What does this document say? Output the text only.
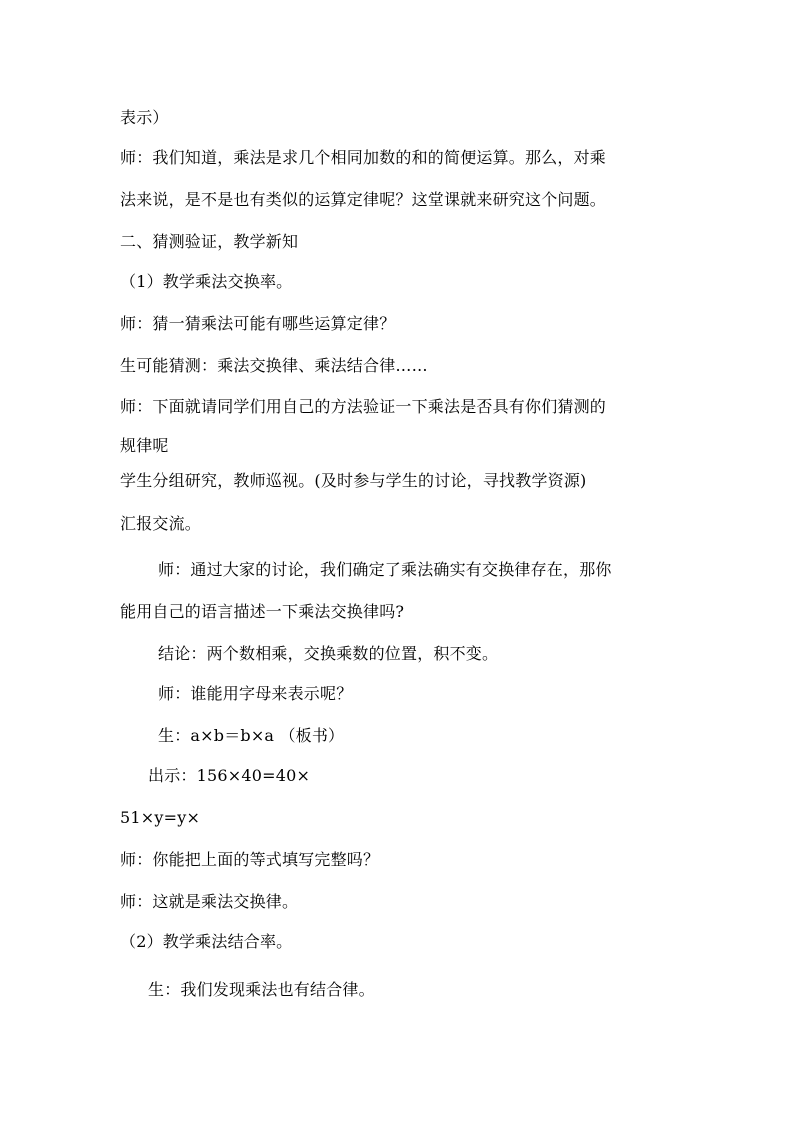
表示）
师：我们知道，乘法是求几个相同加数的和的简便运算。那么，对乘
法来说，是不是也有类似的运算定律呢？这堂课就来研究这个问题。
二、猜测验证，教学新知
（1）教学乘法交换率。
师：猜一猜乘法可能有哪些运算定律？
生可能猜测：乘法交换律、乘法结合律……
师：下面就请同学们用自己的方法验证一下乘法是否具有你们猜测的
规律呢
学生分组研究，教师巡视。(及时参与学生的讨论，寻找教学资源)
汇报交流。
师：通过大家的讨论，我们确定了乘法确实有交换律存在，那你
能用自己的语言描述一下乘法交换律吗?
结论：两个数相乘，交换乘数的位置，积不变。
师：谁能用字母来表示呢？
生：a×b＝b×a （板书）
出示：156×40=40×
51×y=y×
师：你能把上面的等式填写完整吗？
师：这就是乘法交换律。
（2）教学乘法结合率。
生：我们发现乘法也有结合律。
